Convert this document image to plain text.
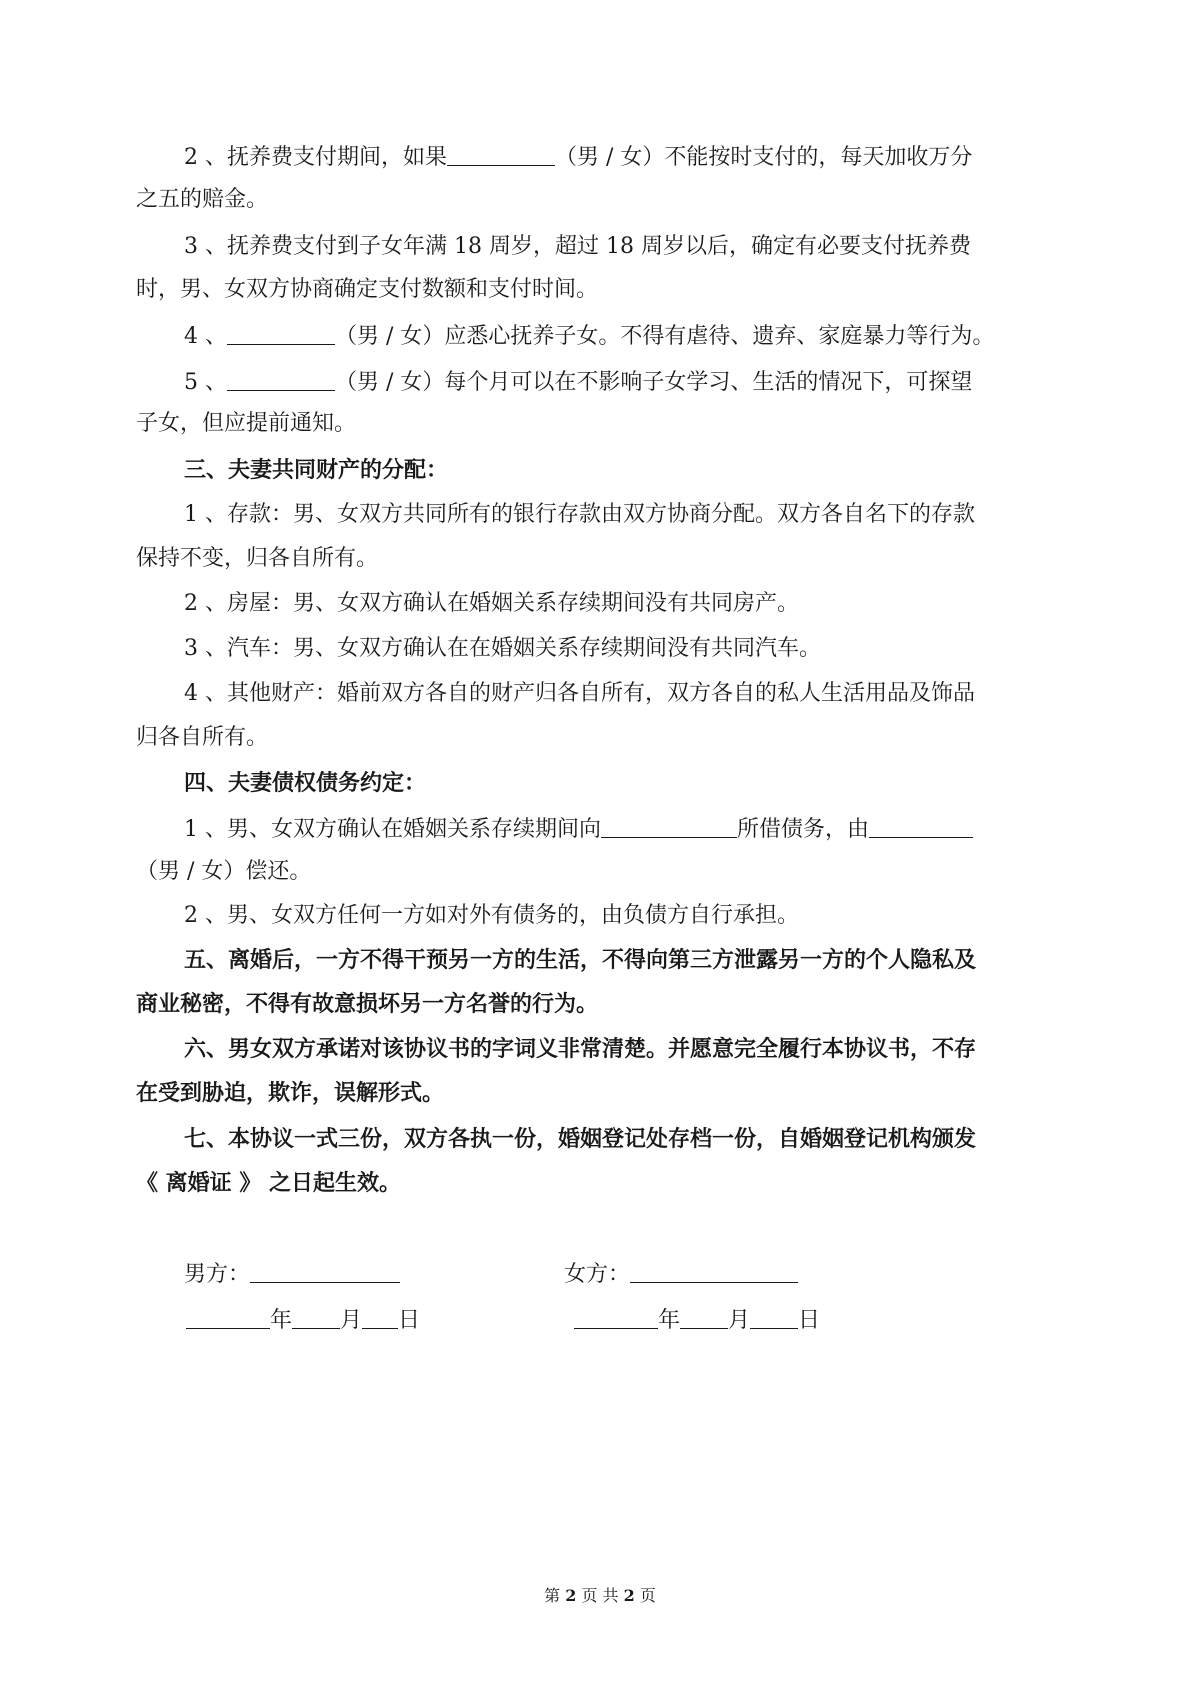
2 、抚养费支付期间，如果	（男 / 女）不能按时支付的，每天加收万分
之五的赔金。
3 、抚养费支付到子女年满 18 周岁，超过 18 周岁以后，确定有必要支付抚养费
时，男、女双方协商确定支付数额和支付时间。
4 、	（男 / 女）应悉心抚养子女。不得有虐待、遗弃、家庭暴力等行为。
5 、	（男 / 女）每个月可以在不影响子女学习、生活的情况下，可探望
子女，但应提前通知。
三、夫妻共同财产的分配：
1 、存款：男、女双方共同所有的银行存款由双方协商分配。双方各自名下的存款
保持不变，归各自所有。
2 、房屋：男、女双方确认在婚姻关系存续期间没有共同房产。
3 、汽车：男、女双方确认在在婚姻关系存续期间没有共同汽车。
4 、其他财产：婚前双方各自的财产归各自所有，双方各自的私人生活用品及饰品
归各自所有。
四、夫妻债权债务约定：
1 、男、女双方确认在婚姻关系存续期间向	所借债务，由
（男 / 女）偿还。
2 、男、女双方任何一方如对外有债务的，由负债方自行承担。
五、离婚后，一方不得干预另一方的生活，不得向第三方泄露另一方的个人隐私及
商业秘密，不得有故意损坏另一方名誉的行为。
六、男女双方承诺对该协议书的字词义非常清楚。并愿意完全履行本协议书，不存
在受到胁迫，欺诈，误解形式。
七、本协议一式三份，双方各执一份，婚姻登记处存档一份，自婚姻登记机构颁发
《 离婚证 》 之日起生效。
男方：	女方：
年 月 日	年 月 日
第 2 页 共 2 页
